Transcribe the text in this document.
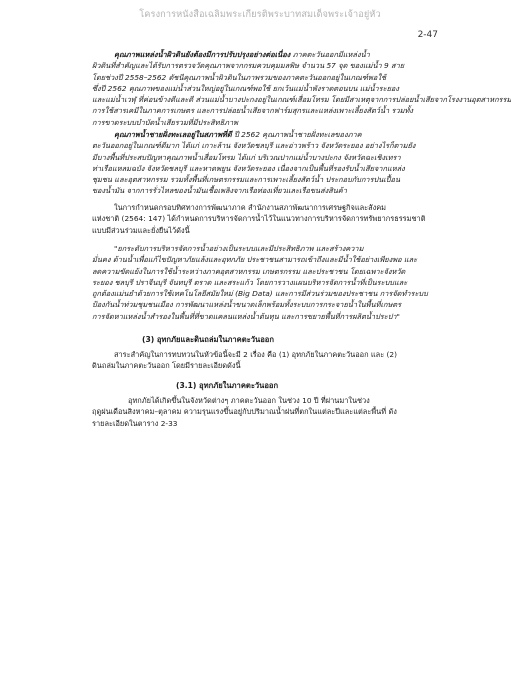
โครงการหนังสือเฉลิมพระเกียรติพระบาทสมเด็จพระเจ้าอยู่หัว
2-47
คุณภาพแหล่งน้ำผิวดินยังต้องมีการปรับปรุงอย่างต่อเนื่อง ภาคตะวันออกมีแหล่งน้ำ
ผิวดินที่สำคัญและได้รับการตรวจวัดคุณภาพจากกรมควบคุมมลพิษ จำนวน 57 จุด ของแม่น้ำ 9 สาย
โดยช่วงปี 2558–2562 ดัชนีคุณภาพน้ำผิวดินในภาพรวมของภาคตะวันออกอยู่ในเกณฑ์พอใช้
ซึ่งปี 2562 คุณภาพของแม่น้ำส่วนใหญ่อยู่ในเกณฑ์พอใช้ ยกเว้นแม่น้ำพังราดตอนบน แม่น้ำระยอง
และแม่น้ำเวฬุ ที่ค่อนข้างดีและดี ส่วนแม่น้ำบางปะกงอยู่ในเกณฑ์เสื่อมโทรม โดยมีสาเหตุจากการปล่อยน้ำเสียจากโรงงานอุตสาหกรรม
การใช้สารเคมีในภาคการเกษตร และการปล่อยน้ำเสียจากฟาร์มสุกรและแหล่งเพาะเลี้ยงสัตว์น้ำ รวมทั้ง
การขาดระบบบำบัดน้ำเสียรวมที่มีประสิทธิภาพ
คุณภาพน้ำชายฝั่งทะเลอยู่ในสภาพที่ดี ปี 2562 คุณภาพน้ำชายฝั่งทะเลของภาค
ตะวันออกอยู่ในเกณฑ์ดีมาก ได้แก่ เกาะล้าน จังหวัดชลบุรี และอ่าวพร้าว จังหวัดระยอง อย่างไรก็ตามยัง
มีบางพื้นที่ประสบปัญหาคุณภาพน้ำเสื่อมโทรม ได้แก่ บริเวณปากแม่น้ำบางปะกง จังหวัดฉะเชิงเทรา
ท่าเรือแหลมฉบัง จังหวัดชลบุรี และหาดพยูน จังหวัดระยอง เนื่องจากเป็นพื้นที่รองรับน้ำเสียจากแหล่ง
ชุมชน และอุตสาหกรรม รวมทั้งพื้นที่เกษตรกรรมและการเพาะเลี้ยงสัตว์น้ำ ประกอบกับการปนเปื้อน
ของน้ำมัน จากการรั่วไหลของน้ำมันเชื้อเพลิงจากเรือท่องเที่ยวและเรือขนส่งสินค้า
ในการกำหนดกรอบทิศทางการพัฒนาภาค สำนักงานสภาพัฒนาการเศรษฐกิจและสังคม
แห่งชาติ (2564: 147) ได้กำหนดการบริหารจัดการน้ำไว้ในแนวทางการบริหารจัดการทรัพยากรธรรมชาติ
แบบมีส่วนร่วมและยั่งยืนไว้ดังนี้
"ยกระดับการบริหารจัดการน้ำอย่างเป็นระบบและมีประสิทธิภาพ และสร้างความ
มั่นคง ด้านน้ำเพื่อแก้ไขปัญหาภัยแล้งและอุทกภัย ประชาชนสามารถเข้าถึงและมีน้ำใช้อย่างเพียงพอ และ
ลดความขัดแย้งในการใช้น้ำระหว่างภาคอุตสาหกรรม เกษตรกรรม และประชาชน โดยเฉพาะจังหวัด
ระยอง ชลบุรี ปราจีนบุรี จันทบุรี ตราด และสระแก้ว โดยการวางแผนบริหารจัดการน้ำที่เป็นระบบและ
ถูกต้องแม่นยำด้วยการใช้เทคโนโลยีสมัยใหม่ (Big Data) และการมีส่วนร่วมของประชาชน การจัดทำระบบ
ป้องกันน้ำท่วมชุมชนเมือง การพัฒนาแหล่งน้ำขนาดเล็กพร้อมทั้งระบบการกระจายน้ำในพื้นที่เกษตร
การจัดหาแหล่งน้ำสำรองในพื้นที่ที่ขาดแคลนแหล่งน้ำต้นทุน และการขยายพื้นที่การผลิตน้ำประปา"
(3) อุทกภัยและดินถล่มในภาคตะวันออก
สาระสำคัญในการทบทวนในหัวข้อนี้จะมี 2 เรื่อง คือ (1) อุทกภัยในภาคตะวันออก และ (2)
ดินถล่มในภาคตะวันออก โดยมีรายละเอียดดังนี้
(3.1) อุทกภัยในภาคตะวันออก
อุทกภัยได้เกิดขึ้นในจังหวัดต่างๆ ภาคตะวันออก ในช่วง 10 ปี ที่ผ่านมาในช่วง
ฤดูฝนเดือนสิงหาคม–ตุลาคม ความรุนแรงขึ้นอยู่กับปริมาณน้ำฝนที่ตกในแต่ละปีและแต่ละพื้นที่ ดัง
รายละเอียดในตาราง 2-33
